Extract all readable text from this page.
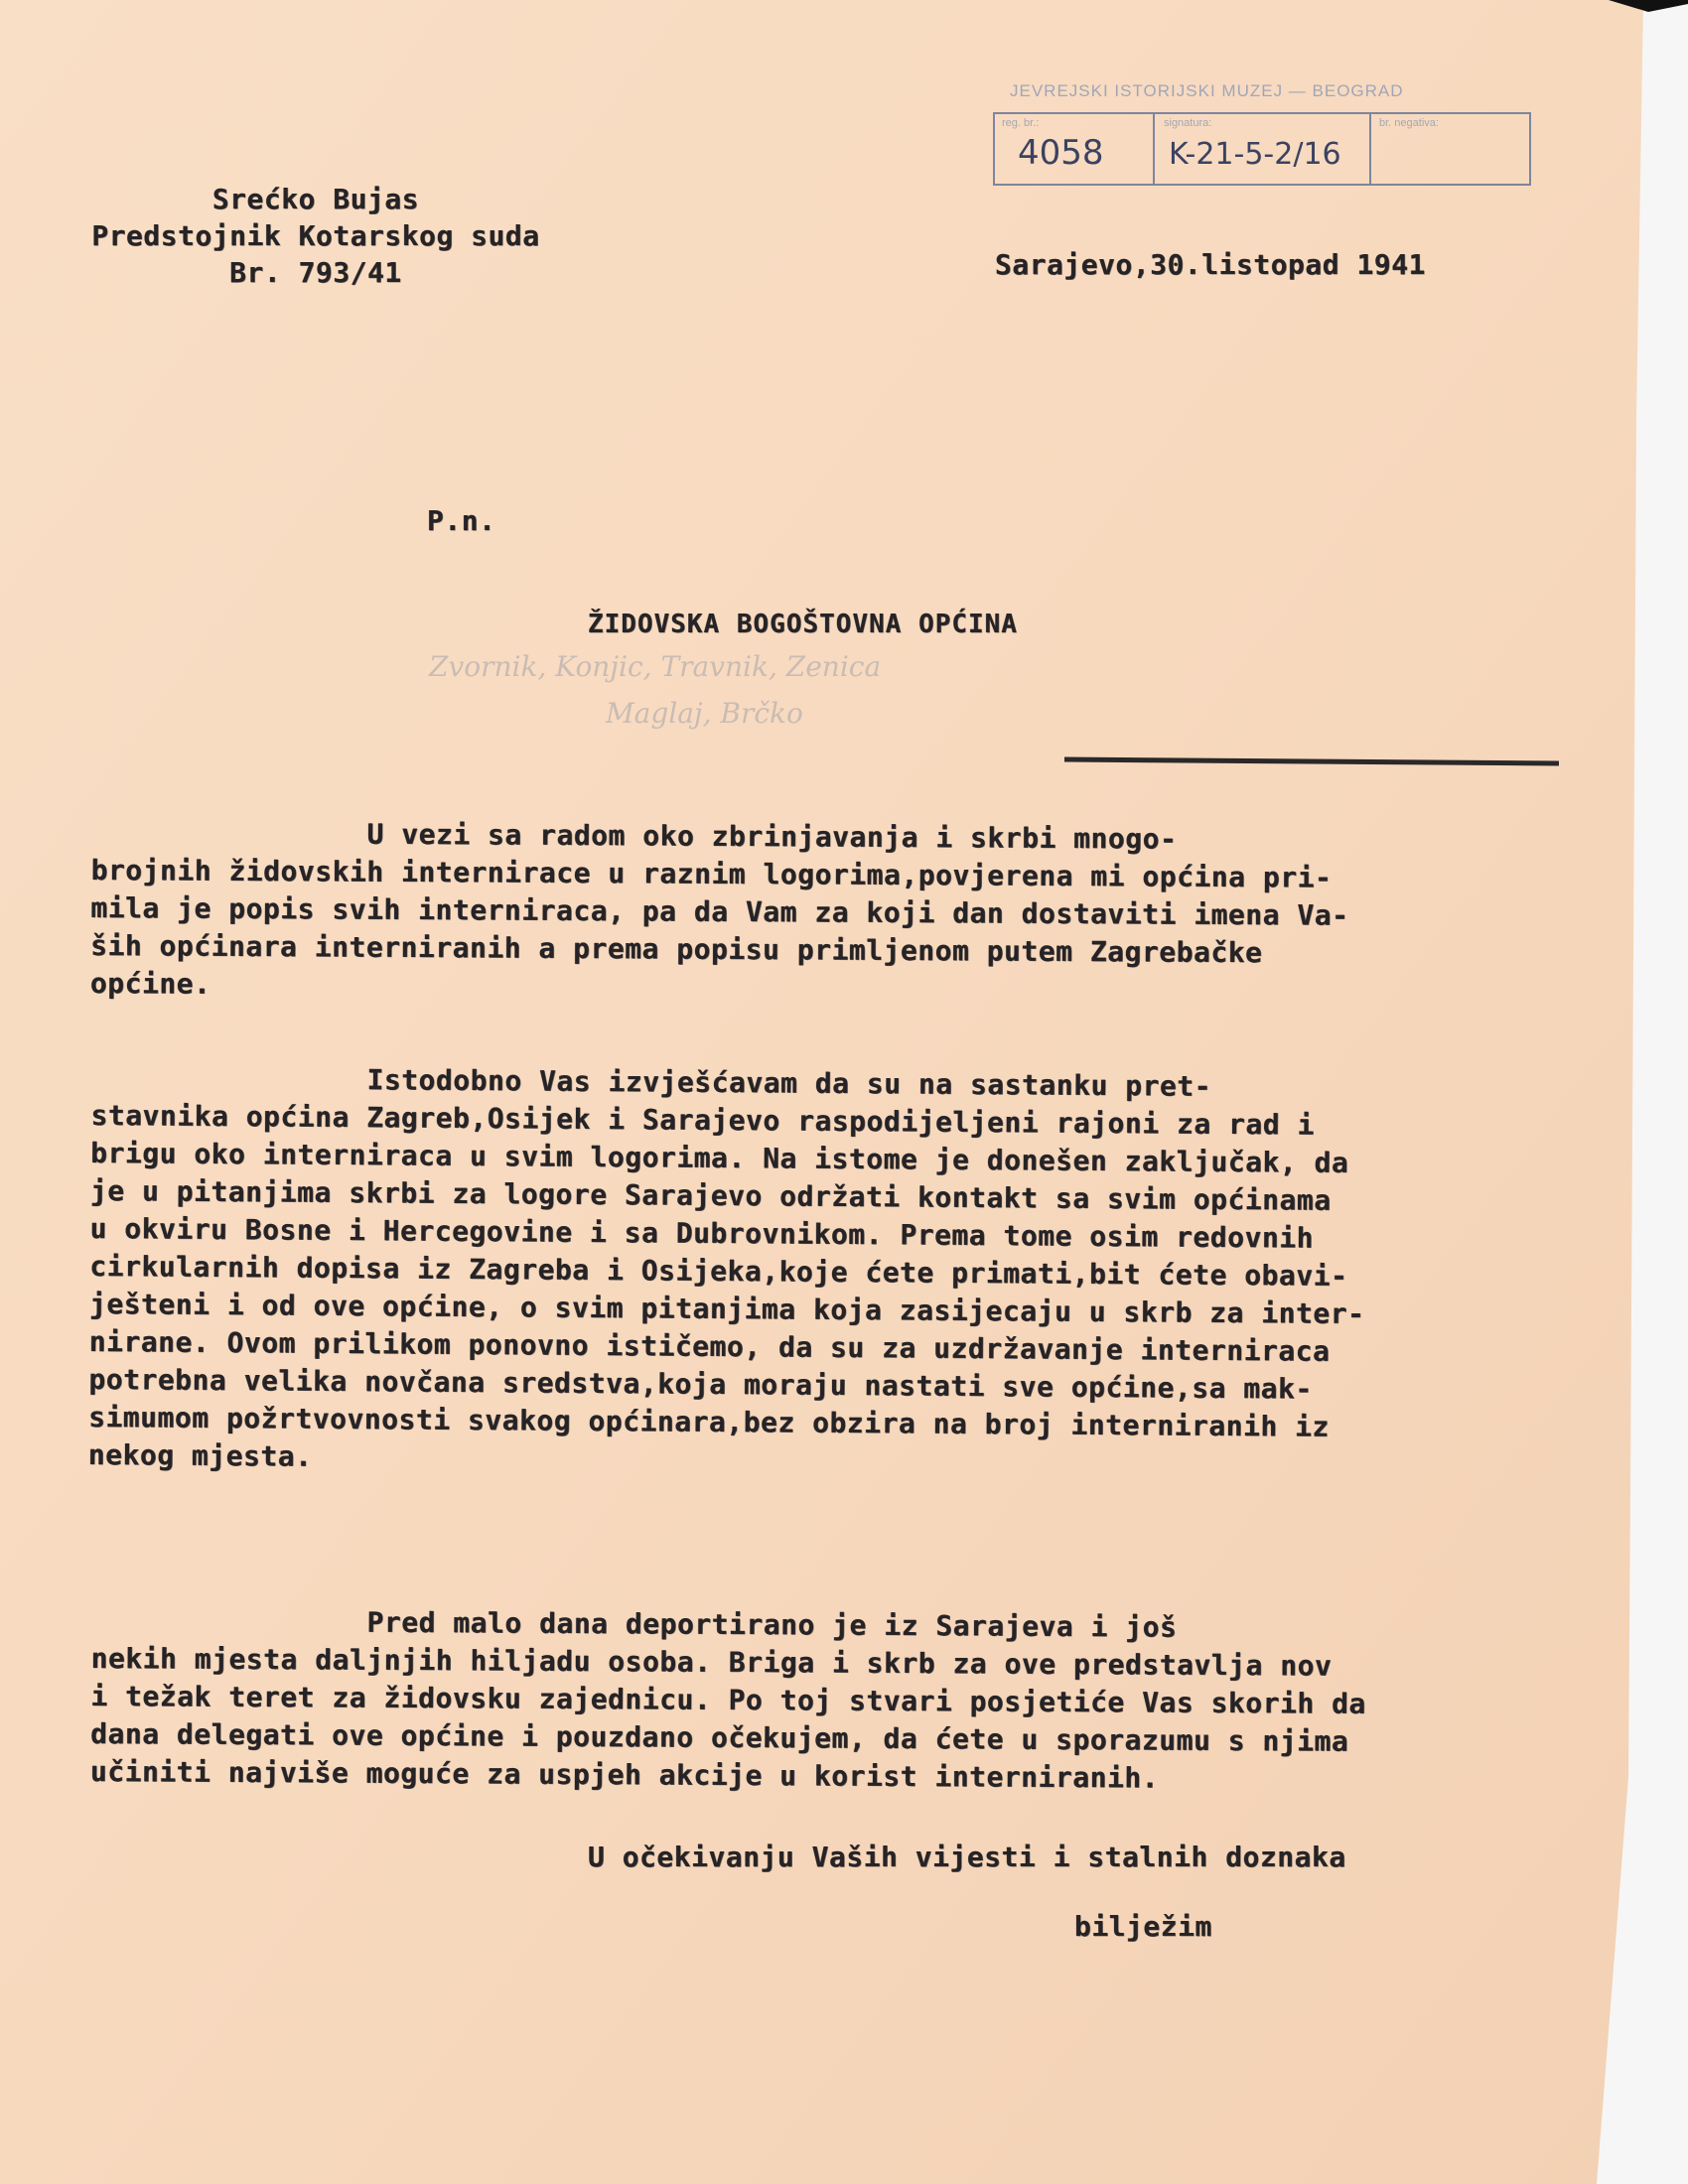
JEVREJSKI ISTORIJSKI MUZEJ — BEOGRAD

reg. br.:	signatura:	br. negativa:

4058 K-21-5-2/16

Srećko Bujas
Predstojnik Kotarskog suda
Br. 793/41	Sarajevo,30.listopad 1941

P.n.

ŽIDOVSKA BOGOŠTOVNA OPĆINA

Zvornik, Konjic, Travnik, Zenica

Maglaj, Brčko

U vezi sa radom oko zbrinjavanja i skrbi mnogo-
brojnih židovskih internirace u raznim logorima,povjerena mi općina pri-
mila je popis svih interniraca, pa da Vam za koji dan dostaviti imena Va-
ših općinara interniranih a prema popisu primljenom putem Zagrebačke
općine.

Istodobno Vas izvješćavam da su na sastanku pret-
stavnika općina Zagreb,Osijek i Sarajevo raspodijeljeni rajoni za rad i
brigu oko interniraca u svim logorima. Na istome je donešen zaključak, da
je u pitanjima skrbi za logore Sarajevo održati kontakt sa svim općinama
u okviru Bosne i Hercegovine i sa Dubrovnikom. Prema tome osim redovnih
cirkularnih dopisa iz Zagreba i Osijeka,koje ćete primati,bit ćete obavi-
ješteni i od ove općine, o svim pitanjima koja zasijecaju u skrb za inter-
nirane. Ovom prilikom ponovno ističemo, da su za uzdržavanje interniraca
potrebna velika novčana sredstva,koja moraju nastati sve općine,sa mak-
simumom požrtvovnosti svakog općinara,bez obzira na broj interniranih iz
nekog mjesta.

Pred malo dana deportirano je iz Sarajeva i još
nekih mjesta daljnjih hiljadu osoba. Briga i skrb za ove predstavlja nov
i težak teret za židovsku zajednicu. Po toj stvari posjetiće Vas skorih da
dana delegati ove općine i pouzdano očekujem, da ćete u sporazumu s njima
učiniti najviše moguće za uspjeh akcije u korist interniranih.

U očekivanju Vaših vijesti i stalnih doznaka

bilježim
